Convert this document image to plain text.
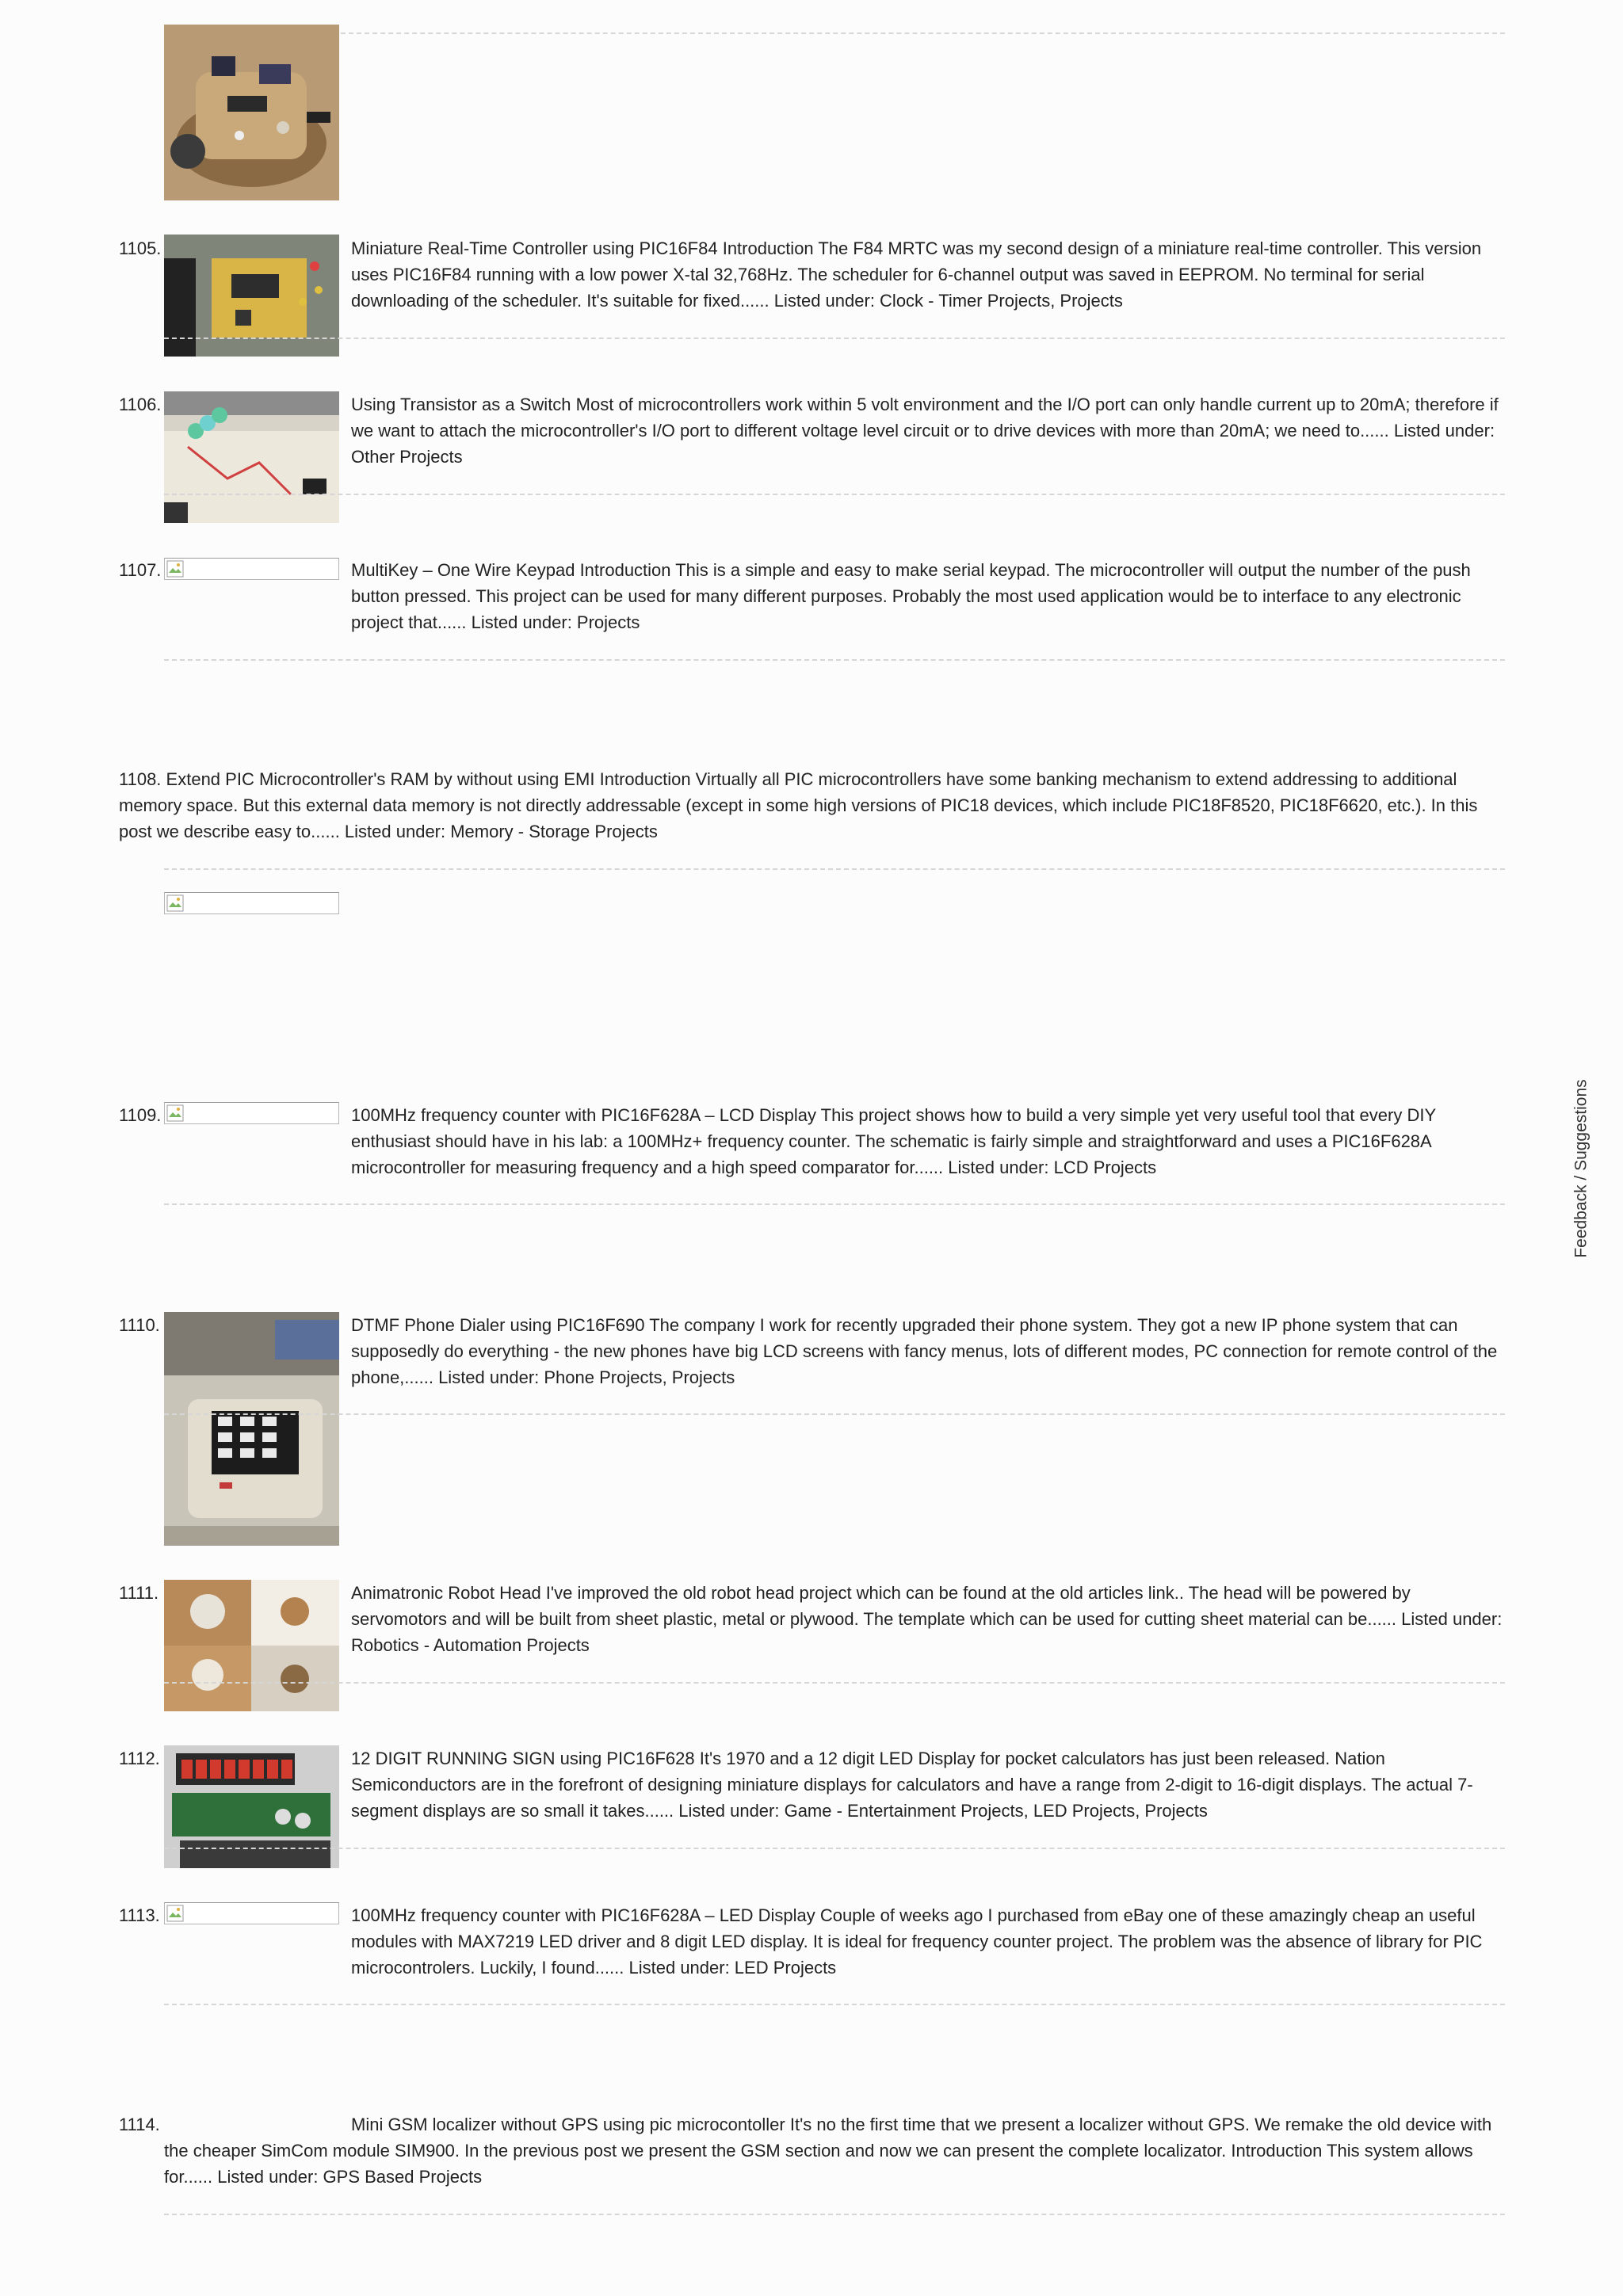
1105.	Miniature Real-Time Controller using PIC16F84 Introduction The F84 MRTC was my second design of a miniature real-time controller. This version uses PIC16F84 running with a low power X-tal 32,768Hz. The scheduler for 6-channel output was saved in EEPROM. No terminal for serial downloading of the scheduler. It's suitable for fixed...... Listed under: Clock - Timer Projects, Projects

1106.	Using Transistor as a Switch Most of microcontrollers work within 5 volt environment and the I/O port can only handle current up to 20mA; therefore if we want to attach the microcontroller's I/O port to different voltage level circuit or to drive devices with more than 20mA; we need to...... Listed under: Other Projects

1107.	MultiKey – One Wire Keypad Introduction This is a simple and easy to make serial keypad. The microcontroller will output the number of the push button pressed. This project can be used for many different purposes. Probably the most used application would be to interface to any electronic project that...... Listed under: Projects

1108. Extend PIC Microcontroller's RAM by without using EMI Introduction Virtually all PIC microcontrollers have some banking mechanism to extend addressing to additional memory space. But this external data memory is not directly addressable (except in some high versions of PIC18 devices, which include PIC18F8520, PIC18F6620, etc.). In this post we describe easy to...... Listed under: Memory - Storage Projects

1109.	100MHz frequency counter with PIC16F628A – LCD Display This project shows how to build a very simple yet very useful tool that every DIY enthusiast should have in his lab: a 100MHz+ frequency counter. The schematic is fairly simple and straightforward and uses a PIC16F628A microcontroller for measuring frequency and a high speed comparator for...... Listed under: LCD Projects

1110.	DTMF Phone Dialer using PIC16F690 The company I work for recently upgraded their phone system. They got a new IP phone system that can supposedly do everything - the new phones have big LCD screens with fancy menus, lots of different modes, PC connection for remote control of the phone,...... Listed under: Phone Projects, Projects

1111.	Animatronic Robot Head I've improved the old robot head project which can be found at the old articles link.. The head will be powered by servomotors and will be built from sheet plastic, metal or plywood. The template which can be used for cutting sheet material can be...... Listed under: Robotics - Automation Projects

1112.	12 DIGIT RUNNING SIGN using PIC16F628 It's 1970 and a 12 digit LED Display for pocket calculators has just been released. Nation Semiconductors are in the forefront of designing miniature displays for calculators and have a range from 2-digit to 16-digit displays. The actual 7-segment displays are so small it takes...... Listed under: Game - Entertainment Projects, LED Projects, Projects

1113.	100MHz frequency counter with PIC16F628A – LED Display Couple of weeks ago I purchased from eBay one of these amazingly cheap an useful modules with MAX7219 LED driver and 8 digit LED display. It is ideal for frequency counter project. The problem was the absence of library for PIC microcontrolers. Luckily, I found...... Listed under: LED Projects

1114.	Mini GSM localizer without GPS using pic microcontoller It's no the first time that we present a localizer without GPS. We remake the old device with the cheaper SimCom module SIM900. In the previous post we present the GSM section and now we can present the complete localizator. Introduction This system allows for...... Listed under: GPS Based Projects

Feedback / Suggestions
